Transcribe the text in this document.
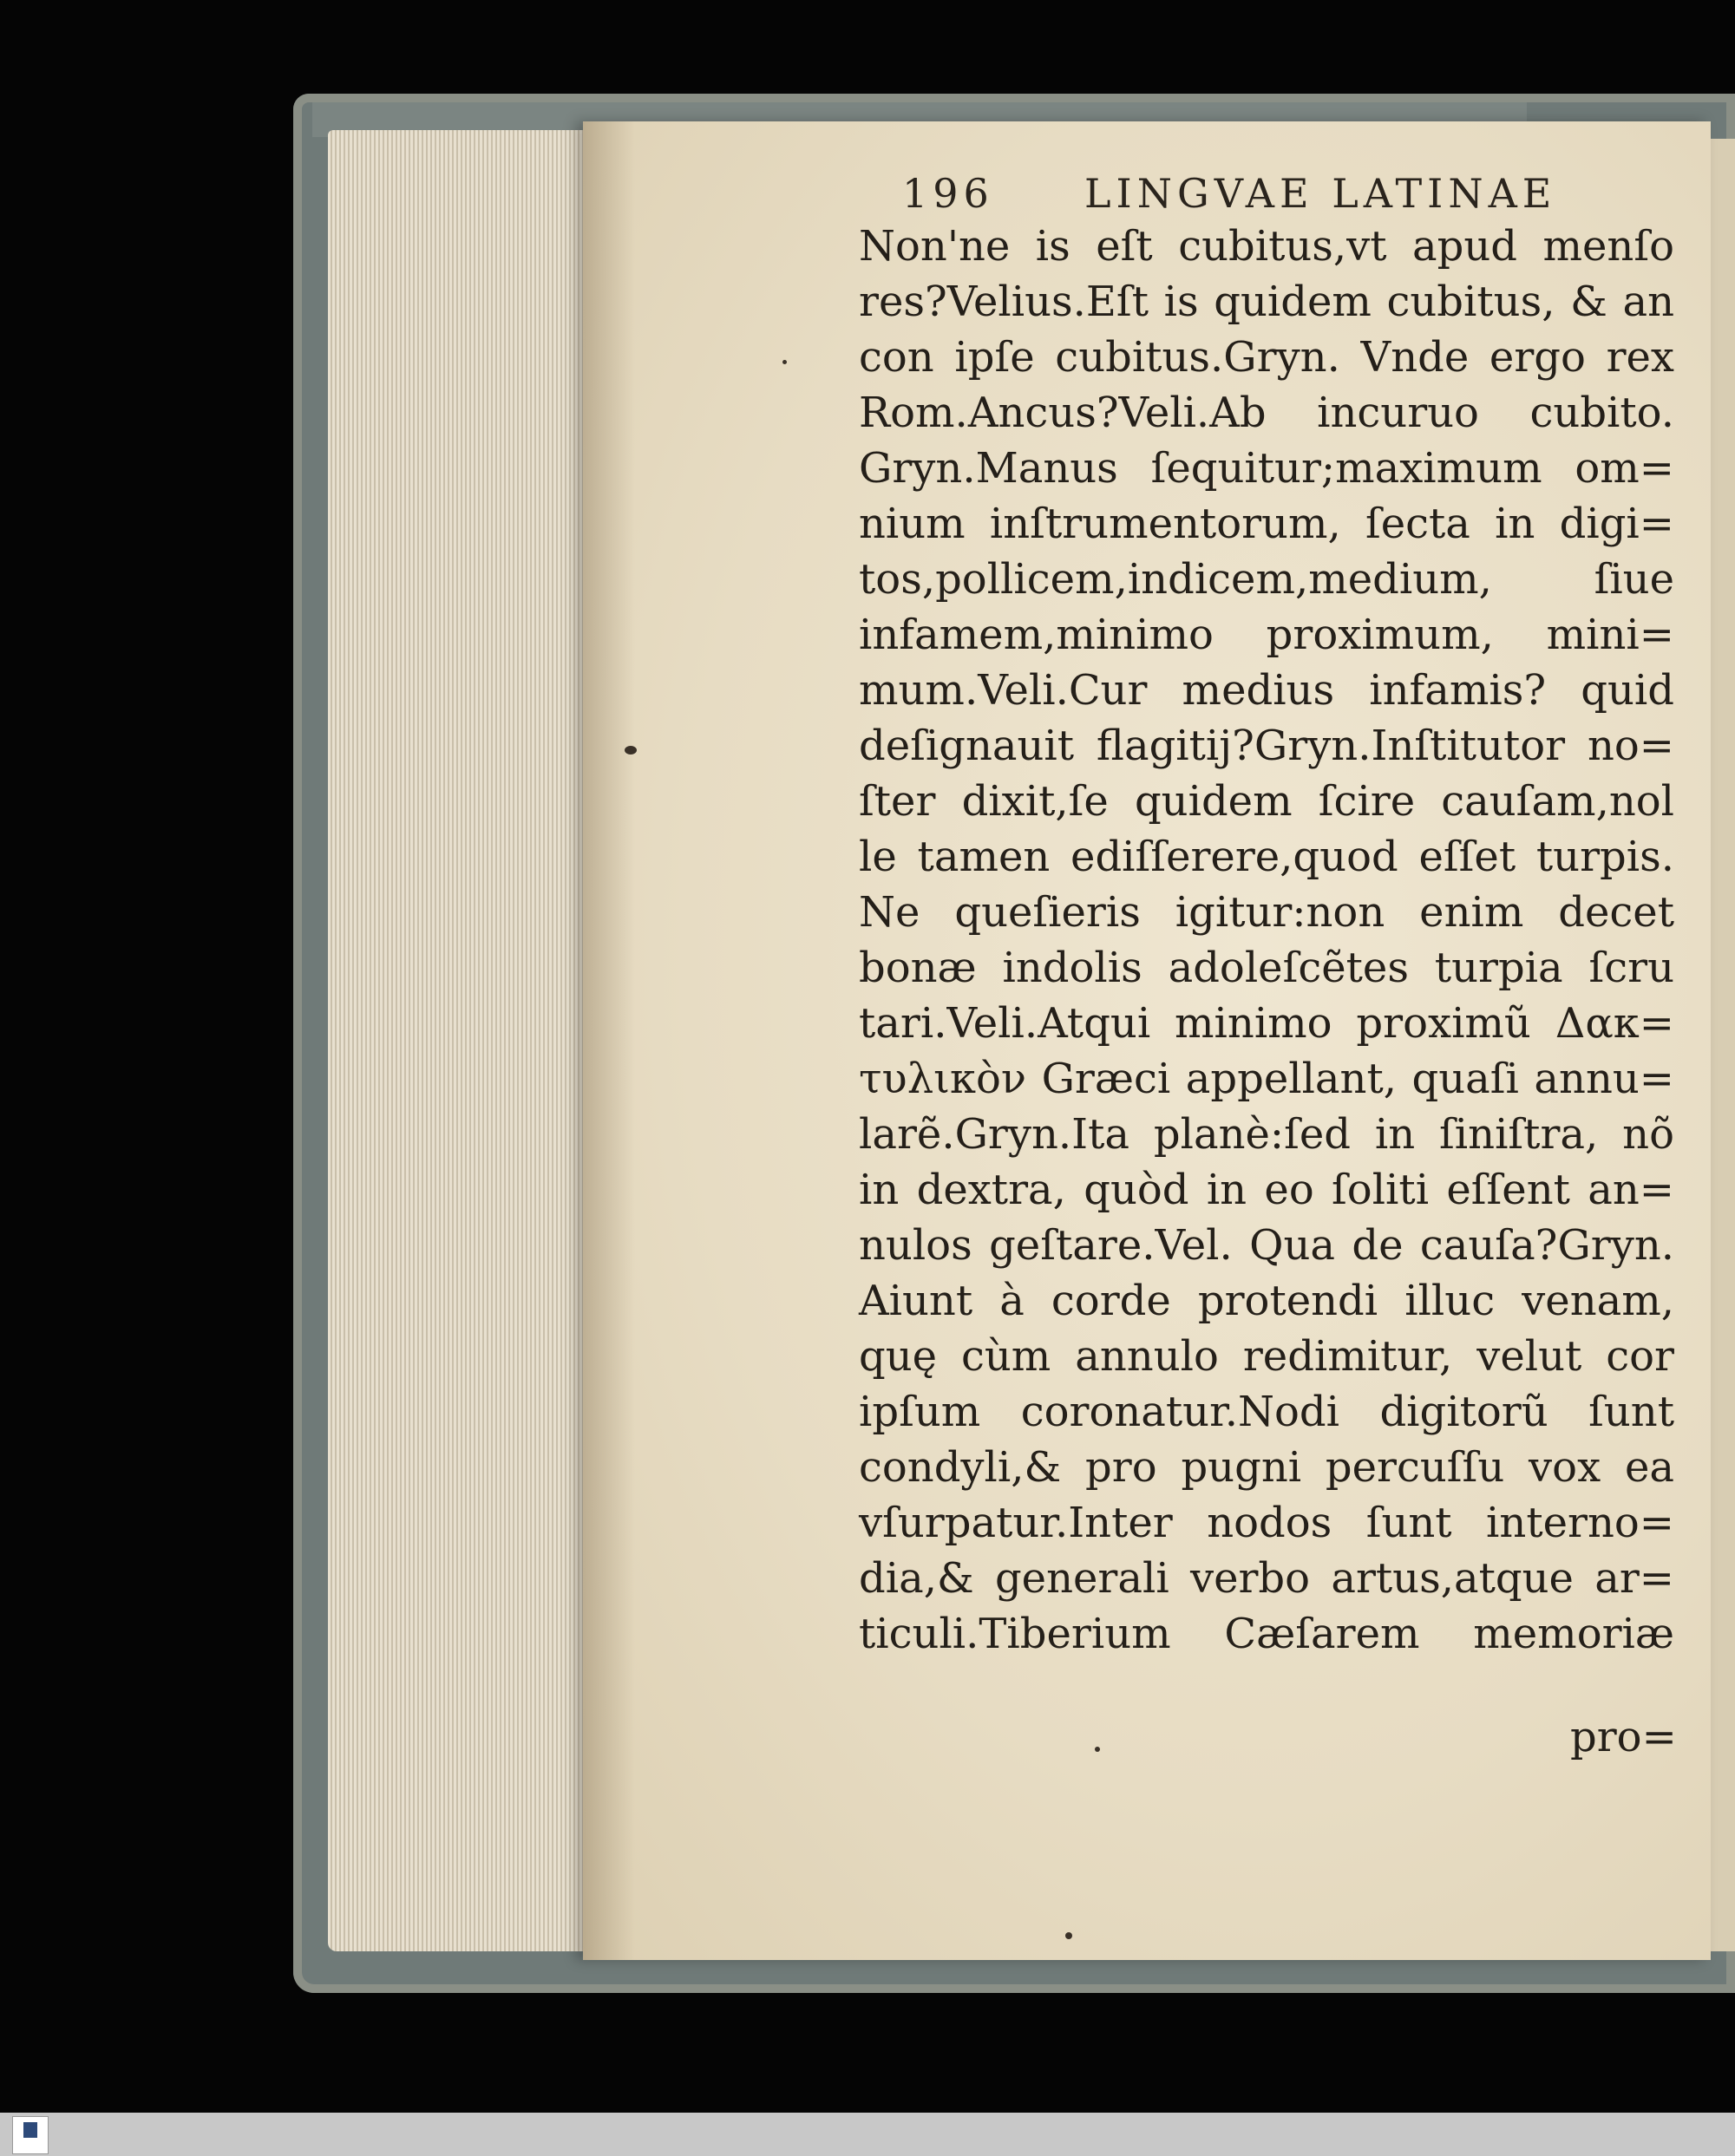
196 LINGVAE LATINAE
Non'ne is eſt cubitus,vt apud menſo
res?Velius.Eſt is quidem cubitus, & an
con ipſe cubitus.Gryn. Vnde ergo rex
Rom.Ancus?Veli.Ab incuruo cubito.
Gryn.Manus ſequitur;maximum om=
nium inſtrumentorum, ſecta in digi=
tos,pollicem,indicem,medium, ſiue
infamem,minimo proximum, mini=
mum.Veli.Cur medius infamis? quid
deſignauit flagitij?Gryn.Inſtitutor no=
ſter dixit,ſe quidem ſcire cauſam,nol
le tamen ediſſerere,quod eſſet turpis.
Ne queſieris igitur:non enim decet
bonæ indolis adoleſcẽtes turpia ſcru
tari.Veli.Atqui minimo proximũ Δακ=
τυλικὸν Græci appellant, quaſi annu=
larẽ.Gryn.Ita planè:ſed in ſiniſtra, nõ
in dextra, quòd in eo ſoliti eſſent an=
nulos geſtare.Vel. Qua de cauſa?Gryn.
Aiunt à corde protendi illuc venam,
quę cùm annulo redimitur, velut cor
ipſum coronatur.Nodi digitorũ ſunt
condyli,& pro pugni percuſſu vox ea
vſurpatur.Inter nodos ſunt interno=
dia,& generali verbo artus,atque ar=
ticuli.Tiberium Cæſarem memoriæ
pro=
